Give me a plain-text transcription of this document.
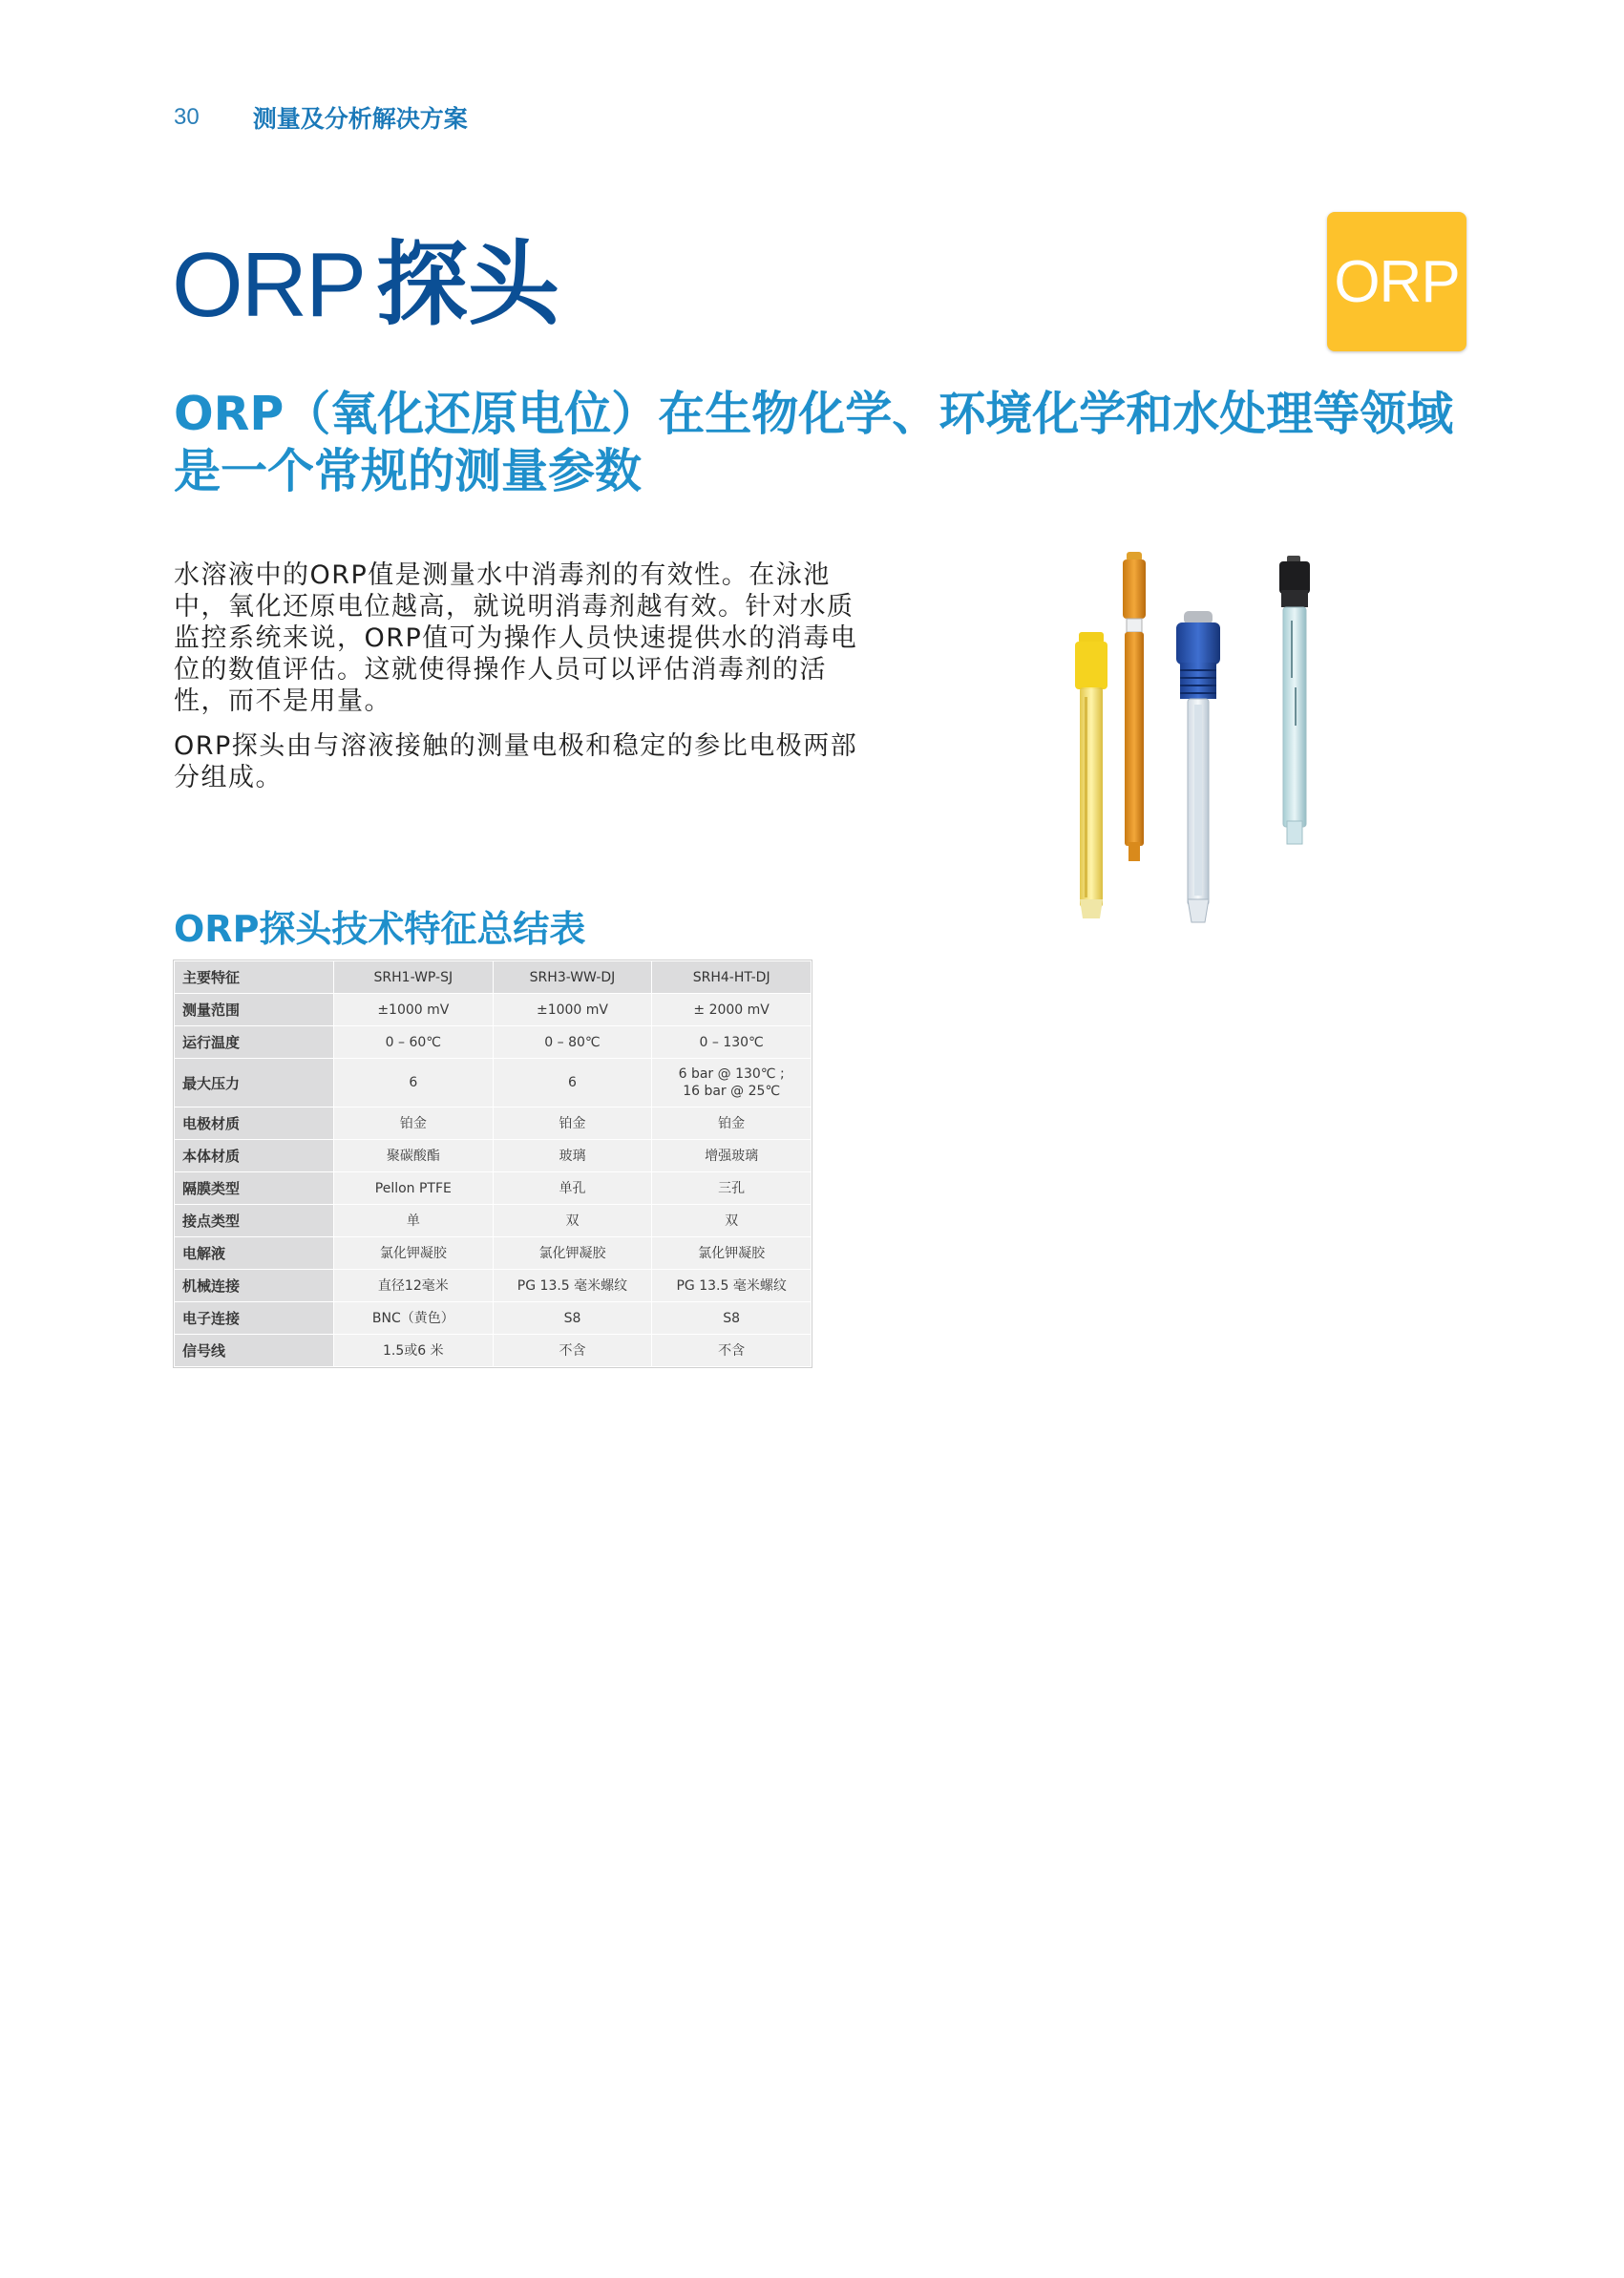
30 测量及分析解决方案
ORP 探头	ORP
ORP（氧化还原电位）在生物化学、环境化学和水处理等领域是一个常规的测量参数

水溶液中的ORP值是测量水中消毒剂的有效性。在泳池中，氧化还原电位越高，就说明消毒剂越有效。针对水质监控系统来说，ORP值可为操作人员快速提供水的消毒电位的数值评估。这就使得操作人员可以评估消毒剂的活性，而不是用量。

ORP探头由与溶液接触的测量电极和稳定的参比电极两部分组成。

ORP探头技术特征总结表
主要特征	SRH1-WP-SJ	SRH3-WW-DJ	SRH4-HT-DJ
测量范围	±1000 mV	±1000 mV	± 2000 mV
运行温度	0 – 60℃	0 – 80℃	0 – 130℃
最大压力	6	6	6 bar @ 130℃ ;
16 bar @ 25℃
电极材质	铂金	铂金	铂金
本体材质	聚碳酸酯	玻璃	增强玻璃
隔膜类型	Pellon PTFE	单孔	三孔
接点类型	单	双	双
电解液	氯化钾凝胶	氯化钾凝胶	氯化钾凝胶
机械连接	直径12毫米	PG 13.5 毫米螺纹	PG 13.5 毫米螺纹
电子连接	BNC（黄色）	S8	S8
信号线	1.5或6 米	不含	不含
